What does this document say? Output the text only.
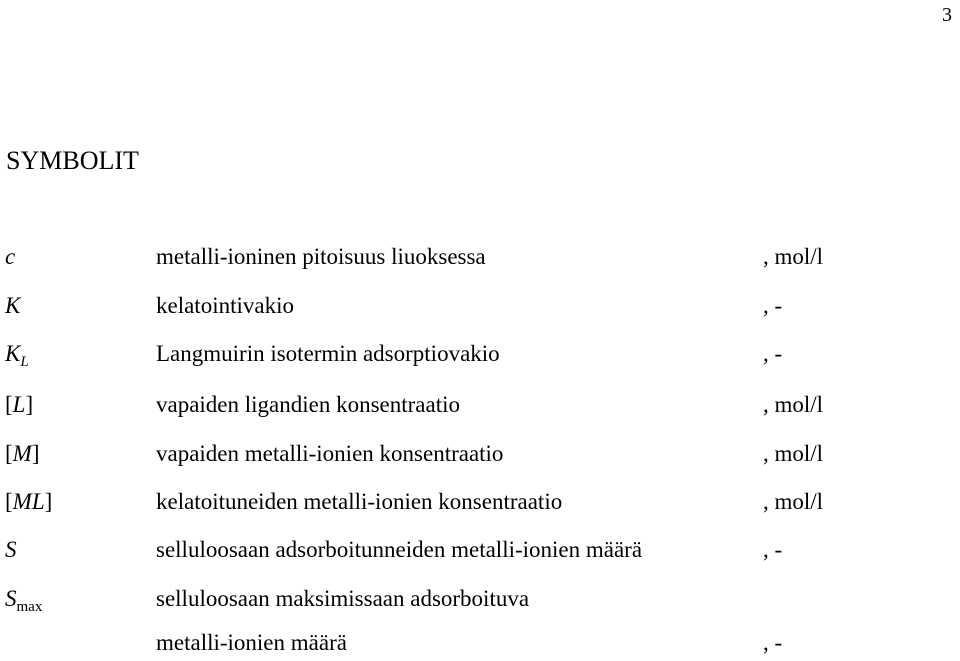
3
SYMBOLIT
c	metalli-ioninen pitoisuus liuoksessa	, mol/l
K	kelatointivakio	, -
$K_L$	Langmuirin isotermin adsorptiovakio	, -
[L]	vapaiden ligandien konsentraatio	, mol/l
[M]	vapaiden metalli-ionien konsentraatio	, mol/l
[ML]	kelatoituneiden metalli-ionien konsentraatio	, mol/l
S	selluloosaan adsorboitunneiden metalli-ionien määrä	, -
$S_{max}$	selluloosaan maksimissaan adsorboituva
metalli-ionien määrä	, -
